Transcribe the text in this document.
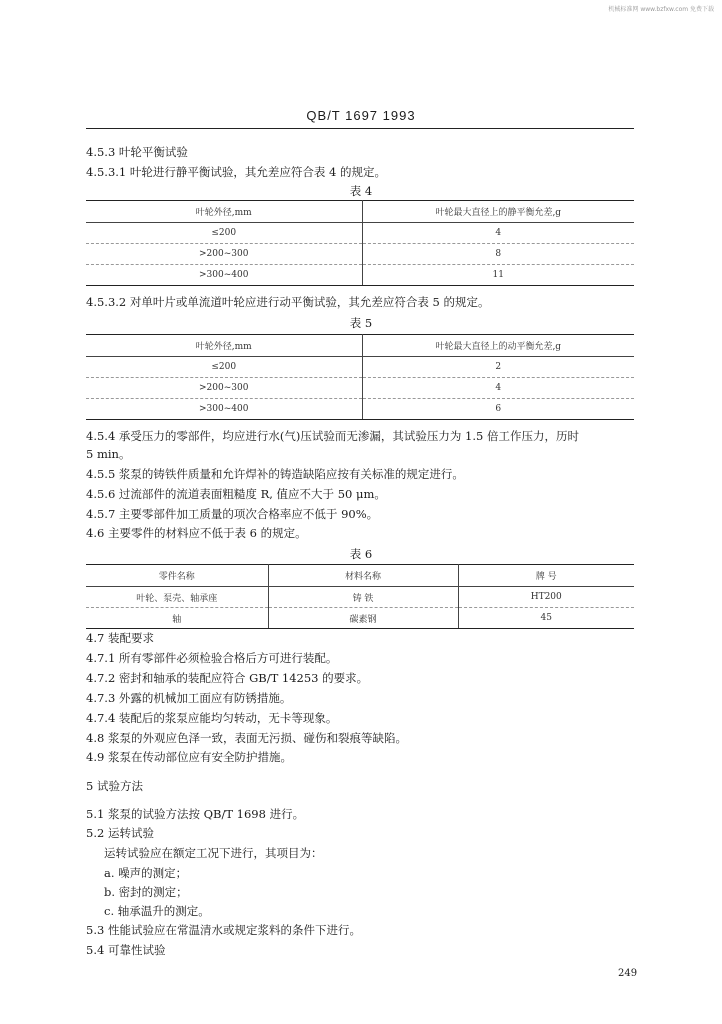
机械标准网 www.bzfxw.com 免费下载
QB/T 1697 1993
4.5.3 叶轮平衡试验
4.5.3.1 叶轮进行静平衡试验，其允差应符合表 4 的规定。
表 4
叶轮外径,mm	叶轮最大直径上的静平衡允差,g
≤200	4
>200~300	8
>300~400	11
4.5.3.2 对单叶片或单流道叶轮应进行动平衡试验，其允差应符合表 5 的规定。
表 5
叶轮外径,mm	叶轮最大直径上的动平衡允差,g
≤200	2
>200~300	4
>300~400	6
4.5.4 承受压力的零部件，均应进行水(气)压试验而无渗漏，其试验压力为 1.5 倍工作压力，历时
5 min。
4.5.5 浆泵的铸铁件质量和允许焊补的铸造缺陷应按有关标准的规定进行。
4.5.6 过流部件的流道表面粗糙度 R, 值应不大于 50 μm。
4.5.7 主要零部件加工质量的项次合格率应不低于 90%。
4.6 主要零件的材料应不低于表 6 的规定。
表 6
零件名称	材料名称	牌 号
叶轮、泵壳、轴承座	铸 铁	HT200
轴	碳素钢	45
4.7 装配要求
4.7.1 所有零部件必须检验合格后方可进行装配。
4.7.2 密封和轴承的装配应符合 GB/T 14253 的要求。
4.7.3 外露的机械加工面应有防锈措施。
4.7.4 装配后的浆泵应能均匀转动，无卡等现象。
4.8 浆泵的外观应色泽一致，表面无污损、碰伤和裂痕等缺陷。
4.9 浆泵在传动部位应有安全防护措施。
5 试验方法
5.1 浆泵的试验方法按 QB/T 1698 进行。
5.2 运转试验
运转试验应在额定工况下进行，其项目为：
a. 噪声的测定；
b. 密封的测定；
c. 轴承温升的测定。
5.3 性能试验应在常温清水或规定浆料的条件下进行。
5.4 可靠性试验
249
